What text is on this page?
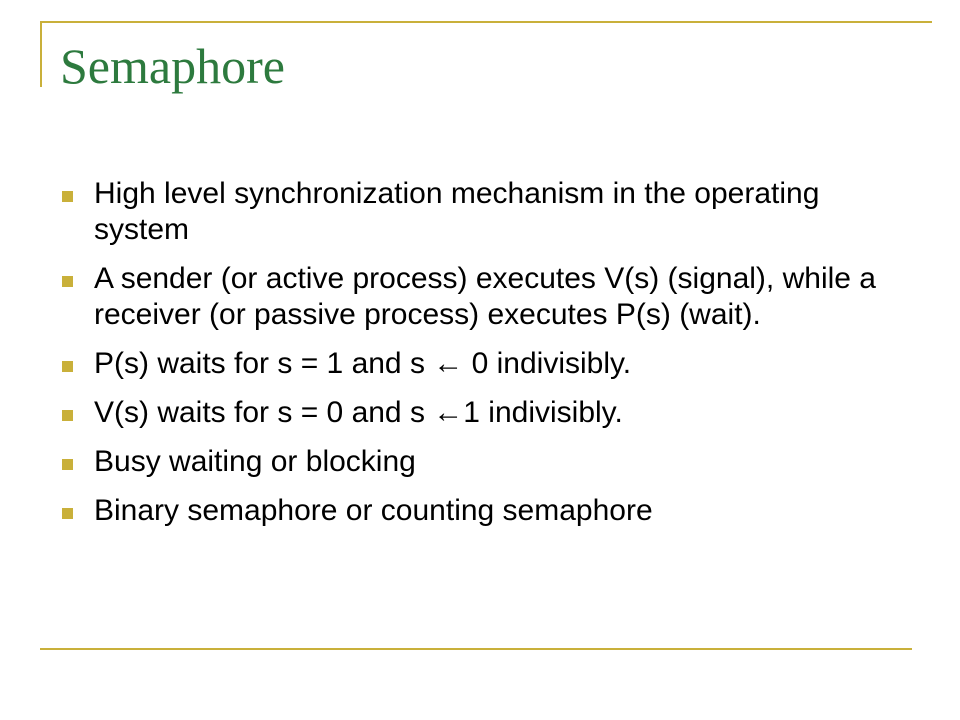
Semaphore
High level synchronization mechanism in the operating system
A sender (or active process) executes V(s) (signal), while a receiver (or passive process) executes P(s) (wait).
P(s) waits for s = 1 and s ← 0 indivisibly.
V(s) waits for s = 0 and s ←1 indivisibly.
Busy waiting or blocking
Binary semaphore or counting semaphore
